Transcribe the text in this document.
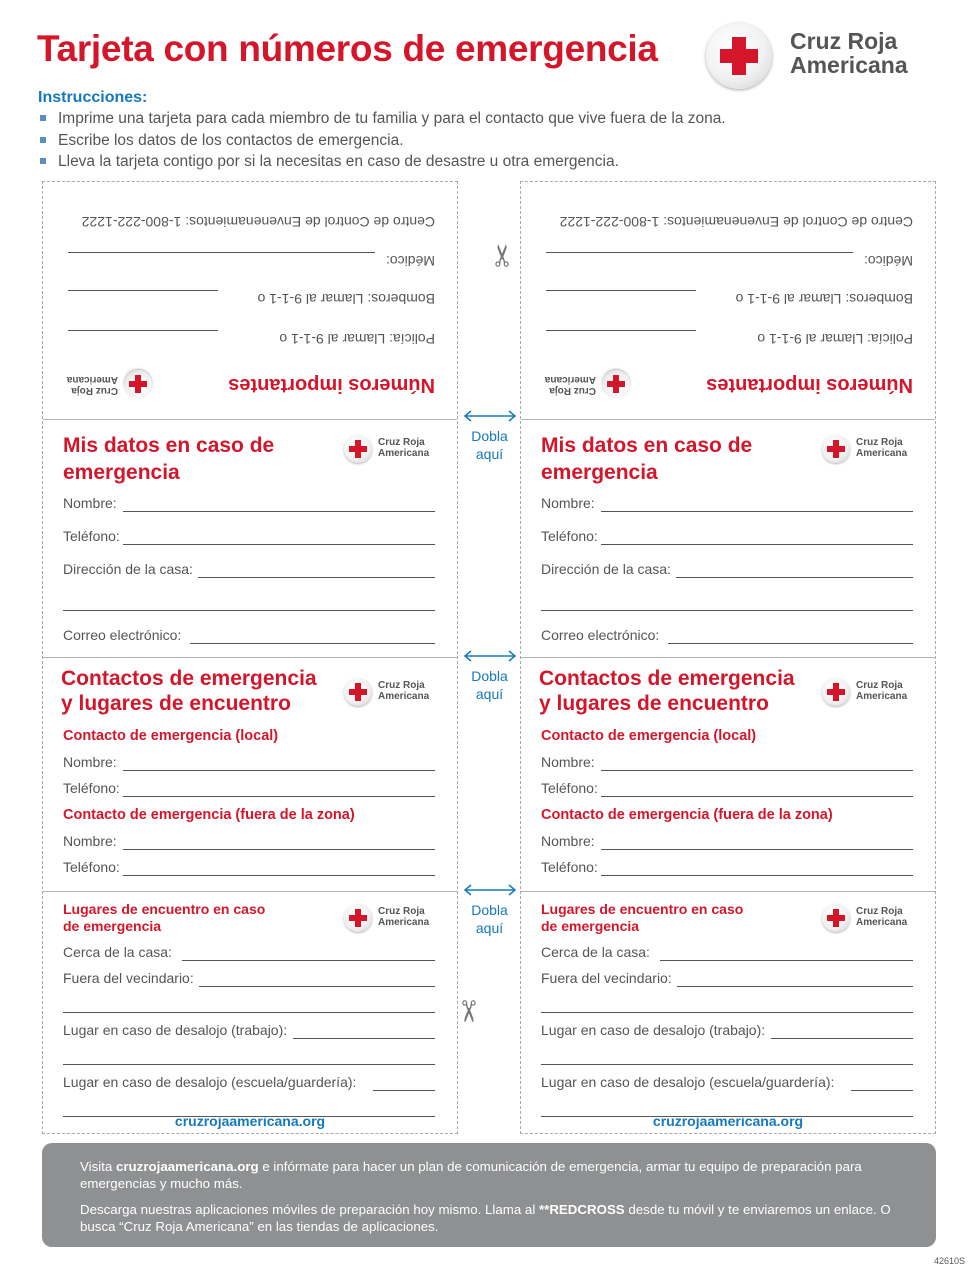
Tarjeta con números de emergencia	Cruz Roja
Americana
Instrucciones:
Imprime una tarjeta para cada miembro de tu familia y para el contacto que vive fuera de la zona.
Escribe los datos de los contactos de emergencia.
Lleva la tarjeta contigo por si la necesitas en caso de desastre u otra emergencia.
Números importantes
Cruz Roja
Americana
Policía: Llamar al 9-1-1 o
Bomberos: Llamar al 9-1-1 o
Médico:
Centro de Control de Envenenamientos: 1-800-222-1222
Mis datos en caso de
emergencia
Cruz Roja
Americana
Nombre:
Teléfono:
Dirección de la casa:
Correo electrónico:
Contactos de emergencia
y lugares de encuentro
Cruz Roja
Americana
Contacto de emergencia (local)
Nombre:
Teléfono:
Contacto de emergencia (fuera de la zona)
Nombre:
Teléfono:
Lugares de encuentro en caso
de emergencia
Cruz Roja
Americana
Cerca de la casa:
Fuera del vecindario:
Lugar en caso de desalojo (trabajo):
Lugar en caso de desalojo (escuela/guardería):
cruzrojaamericana.org
Números importantes
Cruz Roja
Americana
Policía: Llamar al 9-1-1 o
Bomberos: Llamar al 9-1-1 o
Médico:
Centro de Control de Envenenamientos: 1-800-222-1222
Mis datos en caso de
emergencia
Cruz Roja
Americana
Nombre:
Teléfono:
Dirección de la casa:
Correo electrónico:
Contactos de emergencia
y lugares de encuentro
Cruz Roja
Americana
Contacto de emergencia (local)
Nombre:
Teléfono:
Contacto de emergencia (fuera de la zona)
Nombre:
Teléfono:
Lugares de encuentro en caso
de emergencia
Cruz Roja
Americana
Cerca de la casa:
Fuera del vecindario:
Lugar en caso de desalojo (trabajo):
Lugar en caso de desalojo (escuela/guardería):
cruzrojaamericana.org
Dobla
aquí
Dobla
aquí
Dobla
aquí
✂
✂

Visita cruzrojaamericana.org e infórmate para hacer un plan de comunicación de emergencia, armar tu equipo de preparación para emergencias y mucho más.

Descarga nuestras aplicaciones móviles de preparación hoy mismo. Llama al **REDCROSS desde tu móvil y te enviaremos un enlace. O busca “Cruz Roja Americana” en las tiendas de aplicaciones.

42610S
